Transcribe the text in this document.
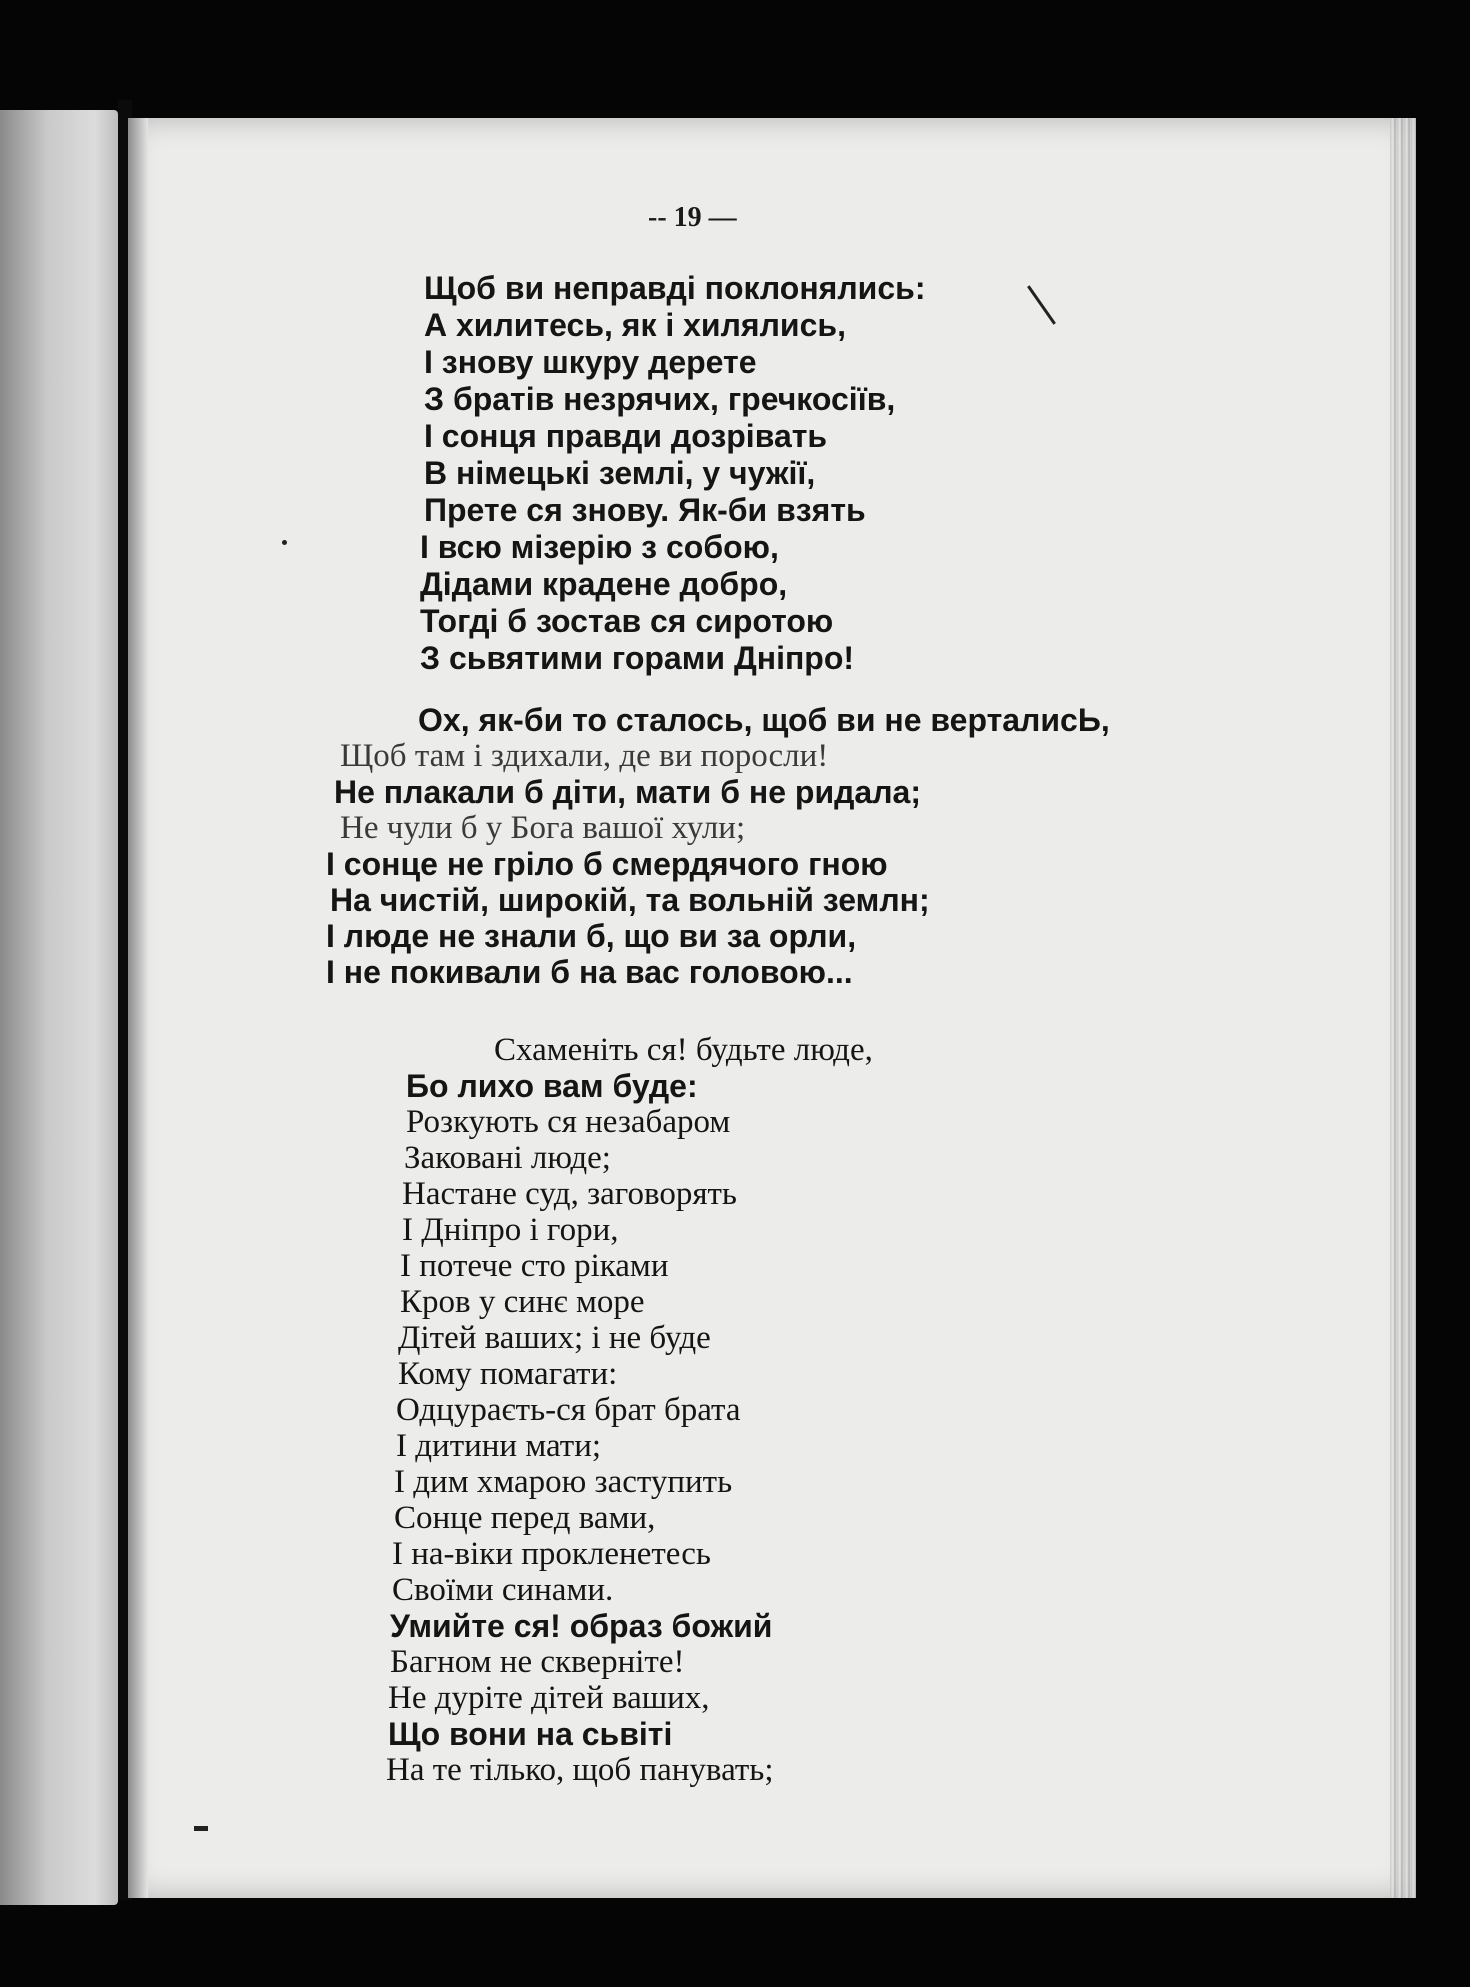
-- 19 —
Щоб ви неправді поклонялись:
А хилитесь, як і хилялись,
І знову шкуру дерете
З братів незрячих, гречкосіїв,
І сонця правди дозрівать
В німецькі землі, у чужії,
Прете ся знову. Як-би взять
І всю мізерію з собою,
Дідами крадене добро,
Тогді б зостав ся сиротою
З сьвятими горами Дніпро!
Ох, як-би то сталось, щоб ви не верталисЬ,
Щоб там і здихали, де ви поросли!
Не плакали б діти, мати б не ридала;
Не чули б у Бога вашої хули;
І сонце не гріло б смердячого гною
На чистій, широкій, та вольній землн;
І люде не знали б, що ви за орли,
І не покивали б на вас головою...
Схаменіть ся! будьте люде,
Бо лихо вам буде:
Розкують ся незабаром
Заковані люде;
Настане суд, заговорять
І Дніпро і гори,
І потече сто ріками
Кров у синє море
Дітей ваших; і не буде
Кому помагати:
Одцураєть-ся брат брата
І дитини мати;
І дим хмарою заступить
Сонце перед вами,
І на-віки прокленетесь
Своїми синами.
Умийте ся! образ божий
Багном не скверніте!
Не дуріте дітей ваших,
Що вони на сьвіті
На те тілько, щоб панувать;
